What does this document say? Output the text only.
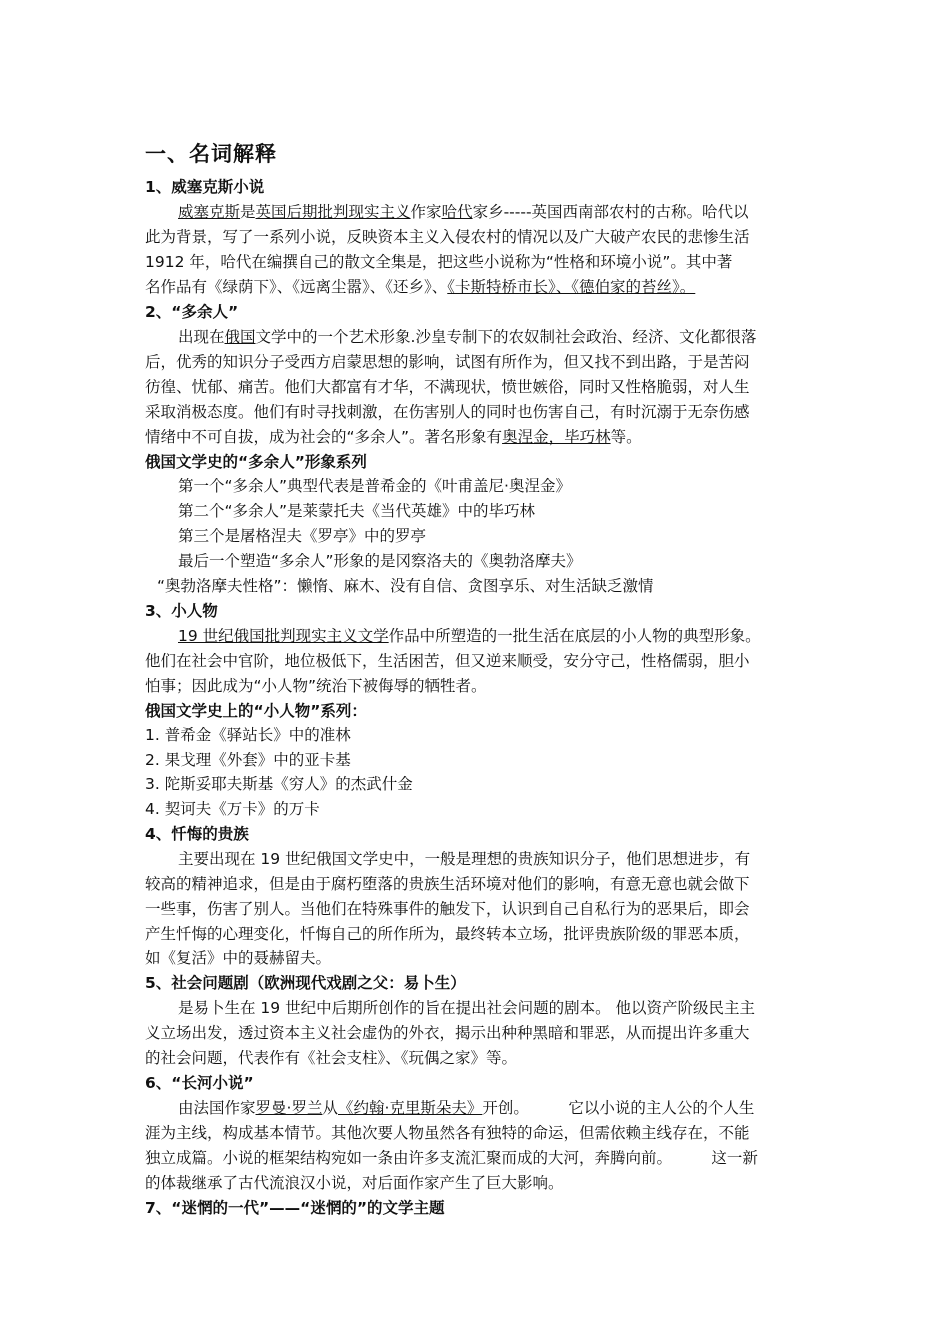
一、名词解释
1、威塞克斯小说
威塞克斯是英国后期批判现实主义作家哈代家乡-----英国西南部农村的古称。哈代以
此为背景，写了一系列小说，反映资本主义入侵农村的情况以及广大破产农民的悲惨生活
1912 年，哈代在编撰自己的散文全集是，把这些小说称为“性格和环境小说”。其中著
名作品有《绿荫下》、《远离尘嚣》、《还乡》、《卡斯特桥市长》、《德伯家的苔丝》。
2、“多余人”
出现在俄国文学中的一个艺术形象.沙皇专制下的农奴制社会政治、经济、文化都很落
后，优秀的知识分子受西方启蒙思想的影响，试图有所作为，但又找不到出路，于是苦闷
彷徨、忧郁、痛苦。他们大都富有才华，不满现状，愤世嫉俗，同时又性格脆弱，对人生
采取消极态度。他们有时寻找刺激，在伤害别人的同时也伤害自己，有时沉溺于无奈伤感
情绪中不可自拔，成为社会的“多余人”。著名形象有奥涅金，毕巧林等。
俄国文学史的“多余人”形象系列
第一个“多余人”典型代表是普希金的《叶甫盖尼·奥涅金》
第二个“多余人”是莱蒙托夫《当代英雄》中的毕巧林
第三个是屠格涅夫《罗亭》中的罗亭
最后一个塑造“多余人”形象的是冈察洛夫的《奥勃洛摩夫》
“奥勃洛摩夫性格”：懒惰、麻木、没有自信、贪图享乐、对生活缺乏激情
3、小人物
19 世纪俄国批判现实主义文学作品中所塑造的一批生活在底层的小人物的典型形象。
他们在社会中官阶，地位极低下，生活困苦，但又逆来顺受，安分守己，性格儒弱，胆小
怕事；因此成为“小人物”统治下被侮辱的牺牲者。
俄国文学史上的“小人物”系列：
1. 普希金《驿站长》中的准林
2. 果戈理《外套》中的亚卡基
3. 陀斯妥耶夫斯基《穷人》的杰武什金
4. 契诃夫《万卡》的万卡
4、忏悔的贵族
主要出现在 19 世纪俄国文学史中，一般是理想的贵族知识分子，他们思想进步，有
较高的精神追求，但是由于腐朽堕落的贵族生活环境对他们的影响，有意无意也就会做下
一些事，伤害了别人。当他们在特殊事件的触发下，认识到自己自私行为的恶果后，即会
产生忏悔的心理变化，忏悔自己的所作所为，最终转本立场，批评贵族阶级的罪恶本质，
如《复活》中的聂赫留夫。
5、社会问题剧（欧洲现代戏剧之父：易卜生）
是易卜生在 19 世纪中后期所创作的旨在提出社会问题的剧本。 他以资产阶级民主主
义立场出发，透过资本主义社会虚伪的外衣，揭示出种种黑暗和罪恶，从而提出许多重大
的社会问题，代表作有《社会支柱》、《玩偶之家》等。
6、“长河小说”
由法国作家罗曼·罗兰从《约翰·克里斯朵夫》开创。        它以小说的主人公的个人生
涯为主线，构成基本情节。其他次要人物虽然各有独特的命运，但需依赖主线存在，不能
独立成篇。小说的框架结构宛如一条由许多支流汇聚而成的大河，奔腾向前。        这一新
的体裁继承了古代流浪汉小说，对后面作家产生了巨大影响。
7、“迷惘的一代”——“迷惘的”的文学主题
